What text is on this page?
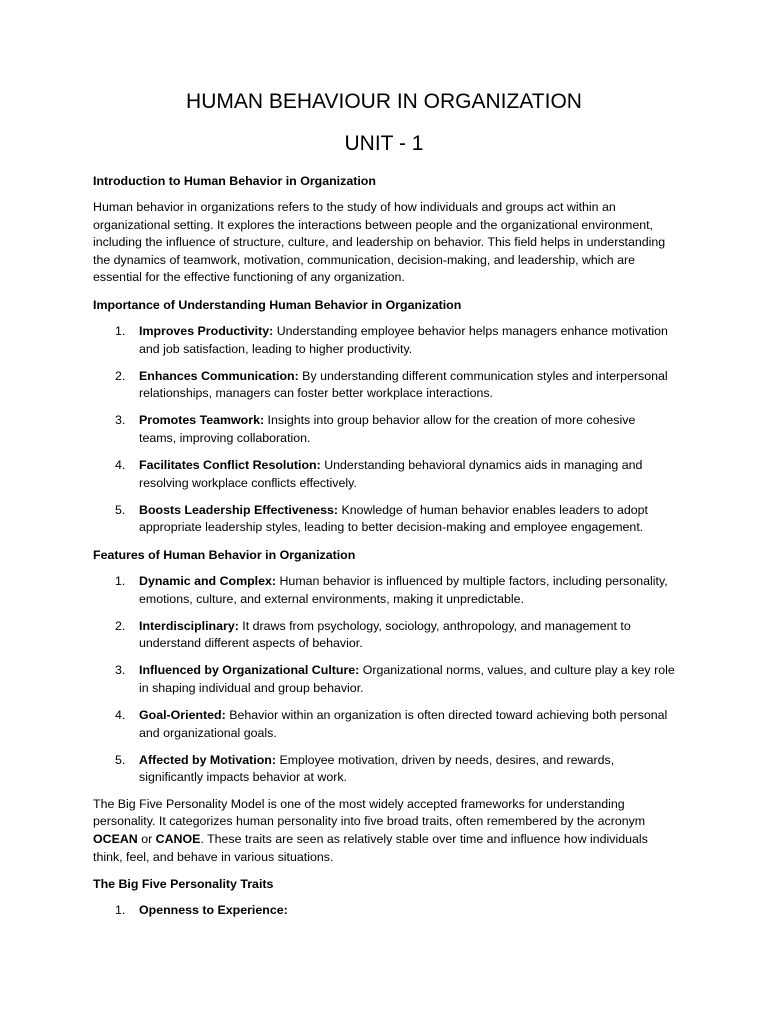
HUMAN BEHAVIOUR IN ORGANIZATION
UNIT - 1
Introduction to Human Behavior in Organization

Human behavior in organizations refers to the study of how individuals and groups act within an organizational setting. It explores the interactions between people and the organizational environment, including the influence of structure, culture, and leadership on behavior. This field helps in understanding the dynamics of teamwork, motivation, communication, decision-making, and leadership, which are essential for the effective functioning of any organization.

Importance of Understanding Human Behavior in Organization
1. Improves Productivity: Understanding employee behavior helps managers enhance motivation and job satisfaction, leading to higher productivity.
2. Enhances Communication: By understanding different communication styles and interpersonal relationships, managers can foster better workplace interactions.
3. Promotes Teamwork: Insights into group behavior allow for the creation of more cohesive teams, improving collaboration.
4. Facilitates Conflict Resolution: Understanding behavioral dynamics aids in managing and resolving workplace conflicts effectively.
5. Boosts Leadership Effectiveness: Knowledge of human behavior enables leaders to adopt appropriate leadership styles, leading to better decision-making and employee engagement.
Features of Human Behavior in Organization
1. Dynamic and Complex: Human behavior is influenced by multiple factors, including personality, emotions, culture, and external environments, making it unpredictable.
2. Interdisciplinary: It draws from psychology, sociology, anthropology, and management to understand different aspects of behavior.
3. Influenced by Organizational Culture: Organizational norms, values, and culture play a key role in shaping individual and group behavior.
4. Goal-Oriented: Behavior within an organization is often directed toward achieving both personal and organizational goals.
5. Affected by Motivation: Employee motivation, driven by needs, desires, and rewards, significantly impacts behavior at work.

The Big Five Personality Model is one of the most widely accepted frameworks for understanding personality. It categorizes human personality into five broad traits, often remembered by the acronym OCEAN or CANOE. These traits are seen as relatively stable over time and influence how individuals think, feel, and behave in various situations.

The Big Five Personality Traits
1. Openness to Experience:
